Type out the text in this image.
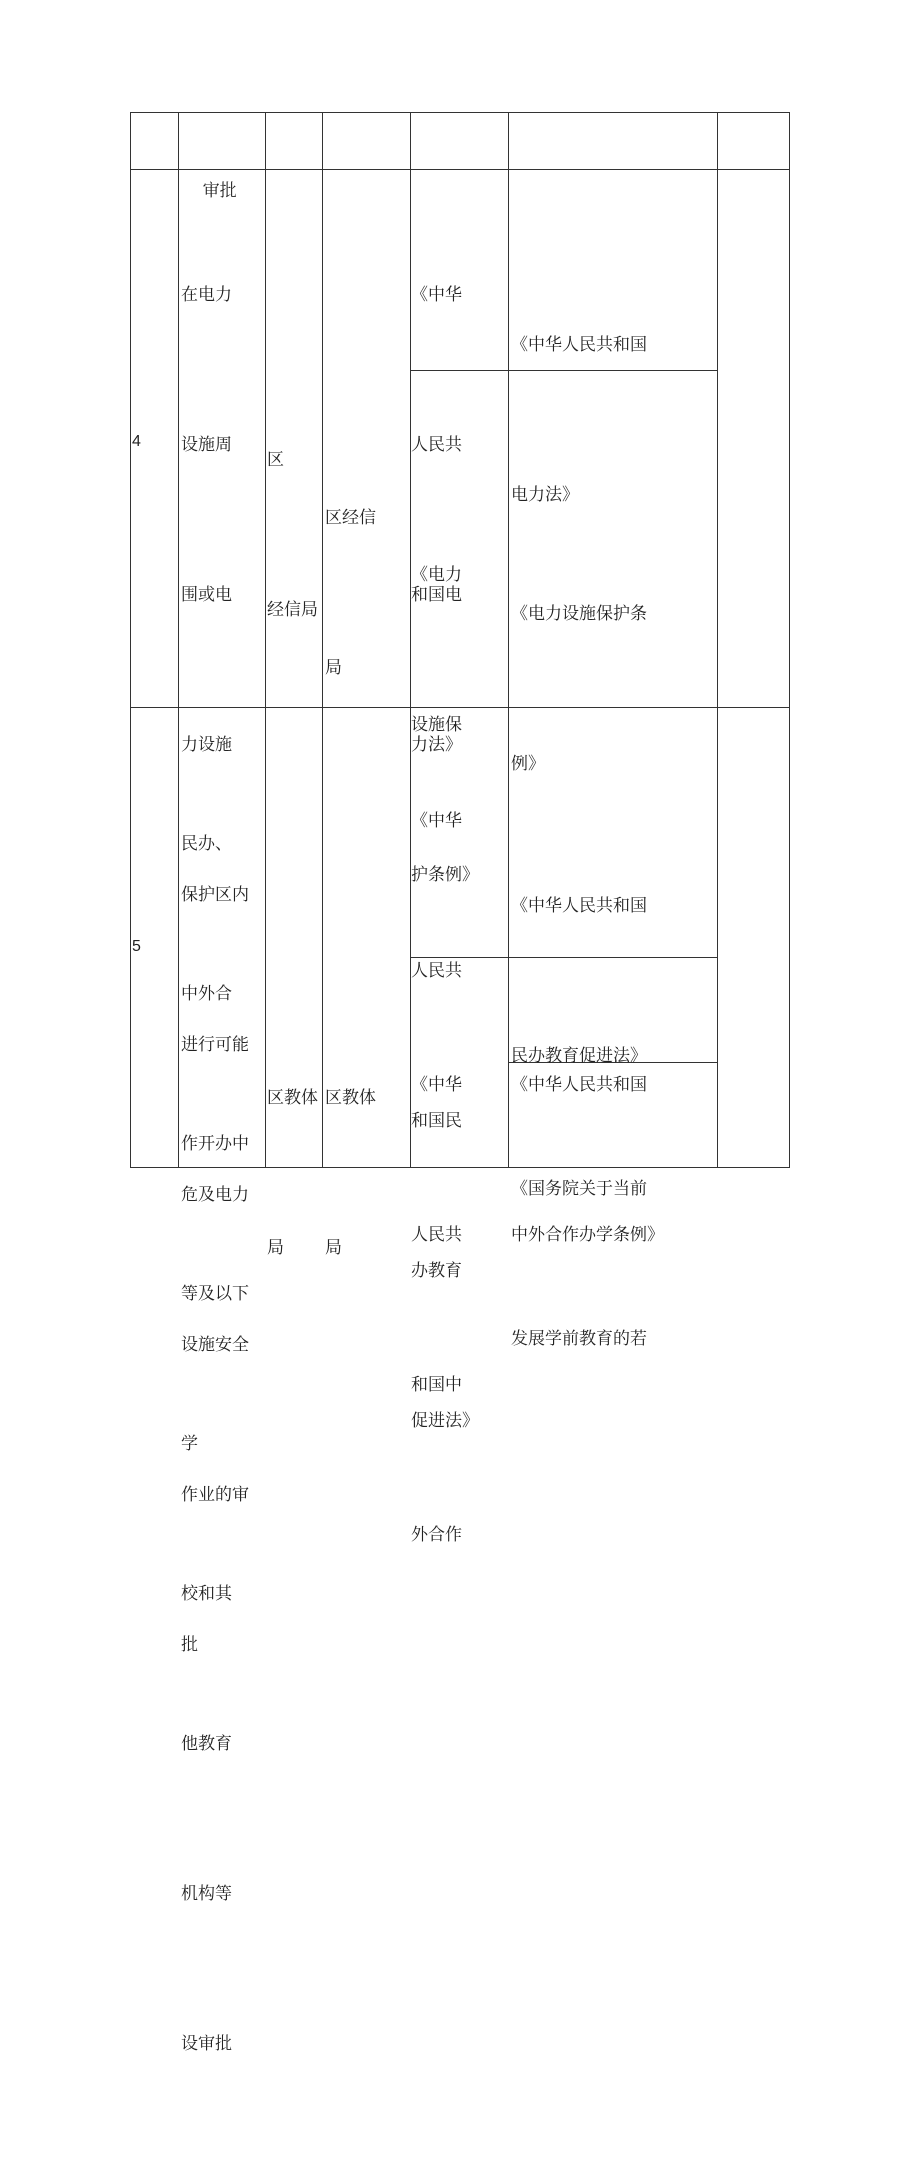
审批

4

在电力

设施周

围或电

力设施

保护区内

进行可能

危及电力

设施安全

作业的审

批

区

经信局

区经信

局

《中华

人民共

和国电

力法》

《中华人民共和国

电力法》

《电力

设施保

护条例》

《电力设施保护条

例》

5

民办、

中外合

作开办中

等及以下

学

校和其

他教育

机构等

设审批

区教体

局

区教体

局

《中华

人民共

和国民

办教育

促进法》

《中华人民共和国

民办教育促进法》

《中华

人民共

和国中

外合作

《中华人民共和国

中外合作办学条例》

《国务院关于当前

发展学前教育的若
